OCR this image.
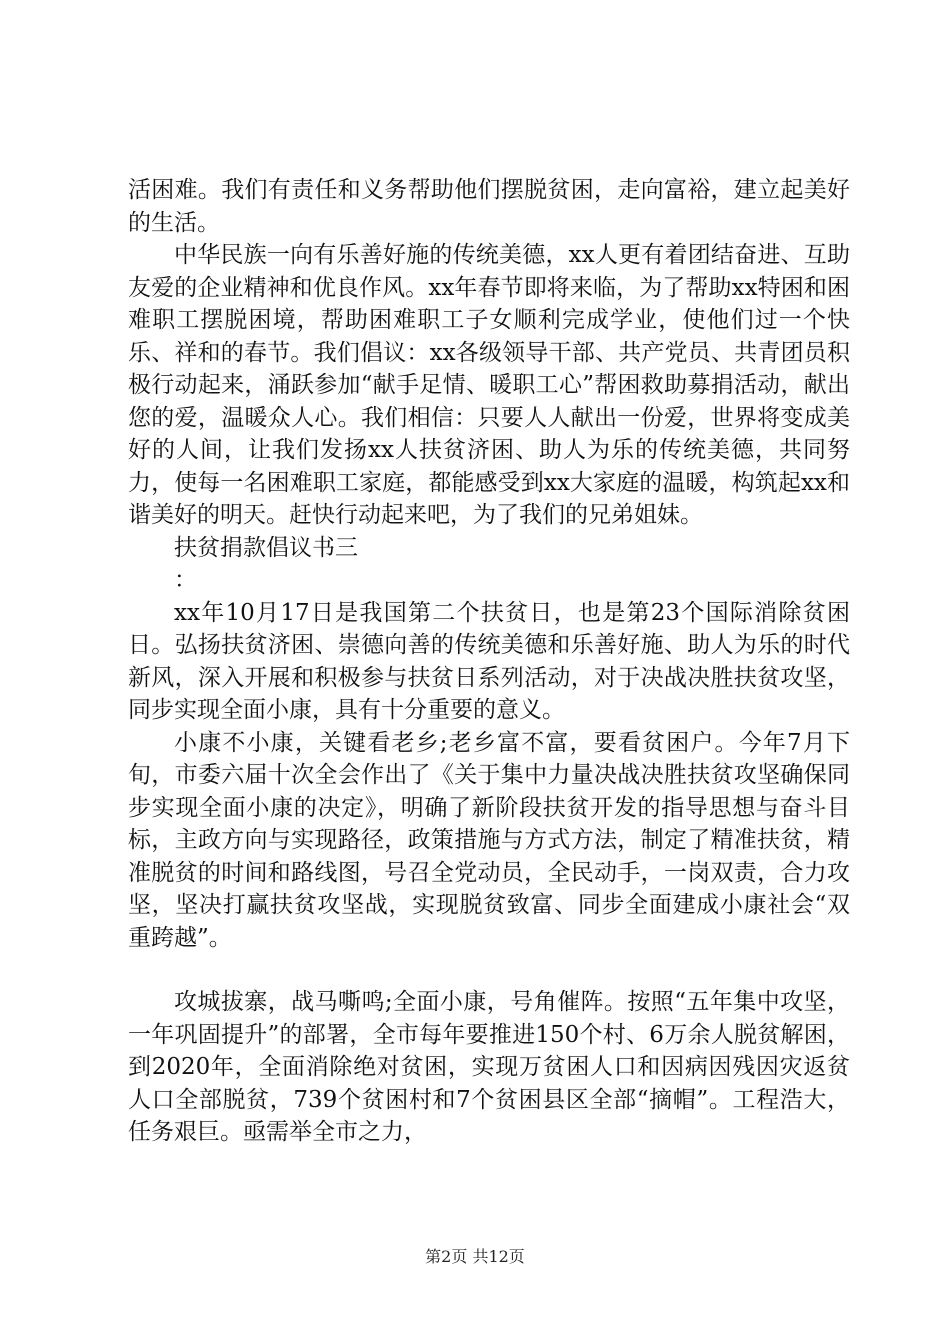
活困难。我们有责任和义务帮助他们摆脱贫困，走向富裕，建立起美好的生活。

中华民族一向有乐善好施的传统美德，xx人更有着团结奋进、互助友爱的企业精神和优良作风。xx年春节即将来临，为了帮助xx特困和困难职工摆脱困境，帮助困难职工子女顺利完成学业，使他们过一个快乐、祥和的春节。我们倡议：xx各级领导干部、共产党员、共青团员积极行动起来，涌跃参加“献手足情、暖职工心”帮困救助募捐活动，献出您的爱，温暖众人心。我们相信：只要人人献出一份爱，世界将变成美好的人间，让我们发扬xx人扶贫济困、助人为乐的传统美德，共同努力，使每一名困难职工家庭，都能感受到xx大家庭的温暖，构筑起xx和谐美好的明天。赶快行动起来吧，为了我们的兄弟姐妹。

扶贫捐款倡议书三

：

xx年10月17日是我国第二个扶贫日，也是第23个国际消除贫困日。弘扬扶贫济困、崇德向善的传统美德和乐善好施、助人为乐的时代新风，深入开展和积极参与扶贫日系列活动，对于决战决胜扶贫攻坚，同步实现全面小康，具有十分重要的意义。

小康不小康，关键看老乡;老乡富不富，要看贫困户。今年7月下旬，市委六届十次全会作出了《关于集中力量决战决胜扶贫攻坚确保同步实现全面小康的决定》，明确了新阶段扶贫开发的指导思想与奋斗目标，主政方向与实现路径，政策措施与方式方法，制定了精准扶贫，精准脱贫的时间和路线图，号召全党动员，全民动手，一岗双责，合力攻坚，坚决打赢扶贫攻坚战，实现脱贫致富、同步全面建成小康社会“双重跨越”。

攻城拔寨，战马嘶鸣;全面小康，号角催阵。按照“五年集中攻坚，一年巩固提升”的部署，全市每年要推进150个村、6万余人脱贫解困，到2020年，全面消除绝对贫困，实现万贫困人口和因病因残因灾返贫人口全部脱贫，739个贫困村和7个贫困县区全部“摘帽”。工程浩大，任务艰巨。亟需举全市之力，

第2页 共12页
